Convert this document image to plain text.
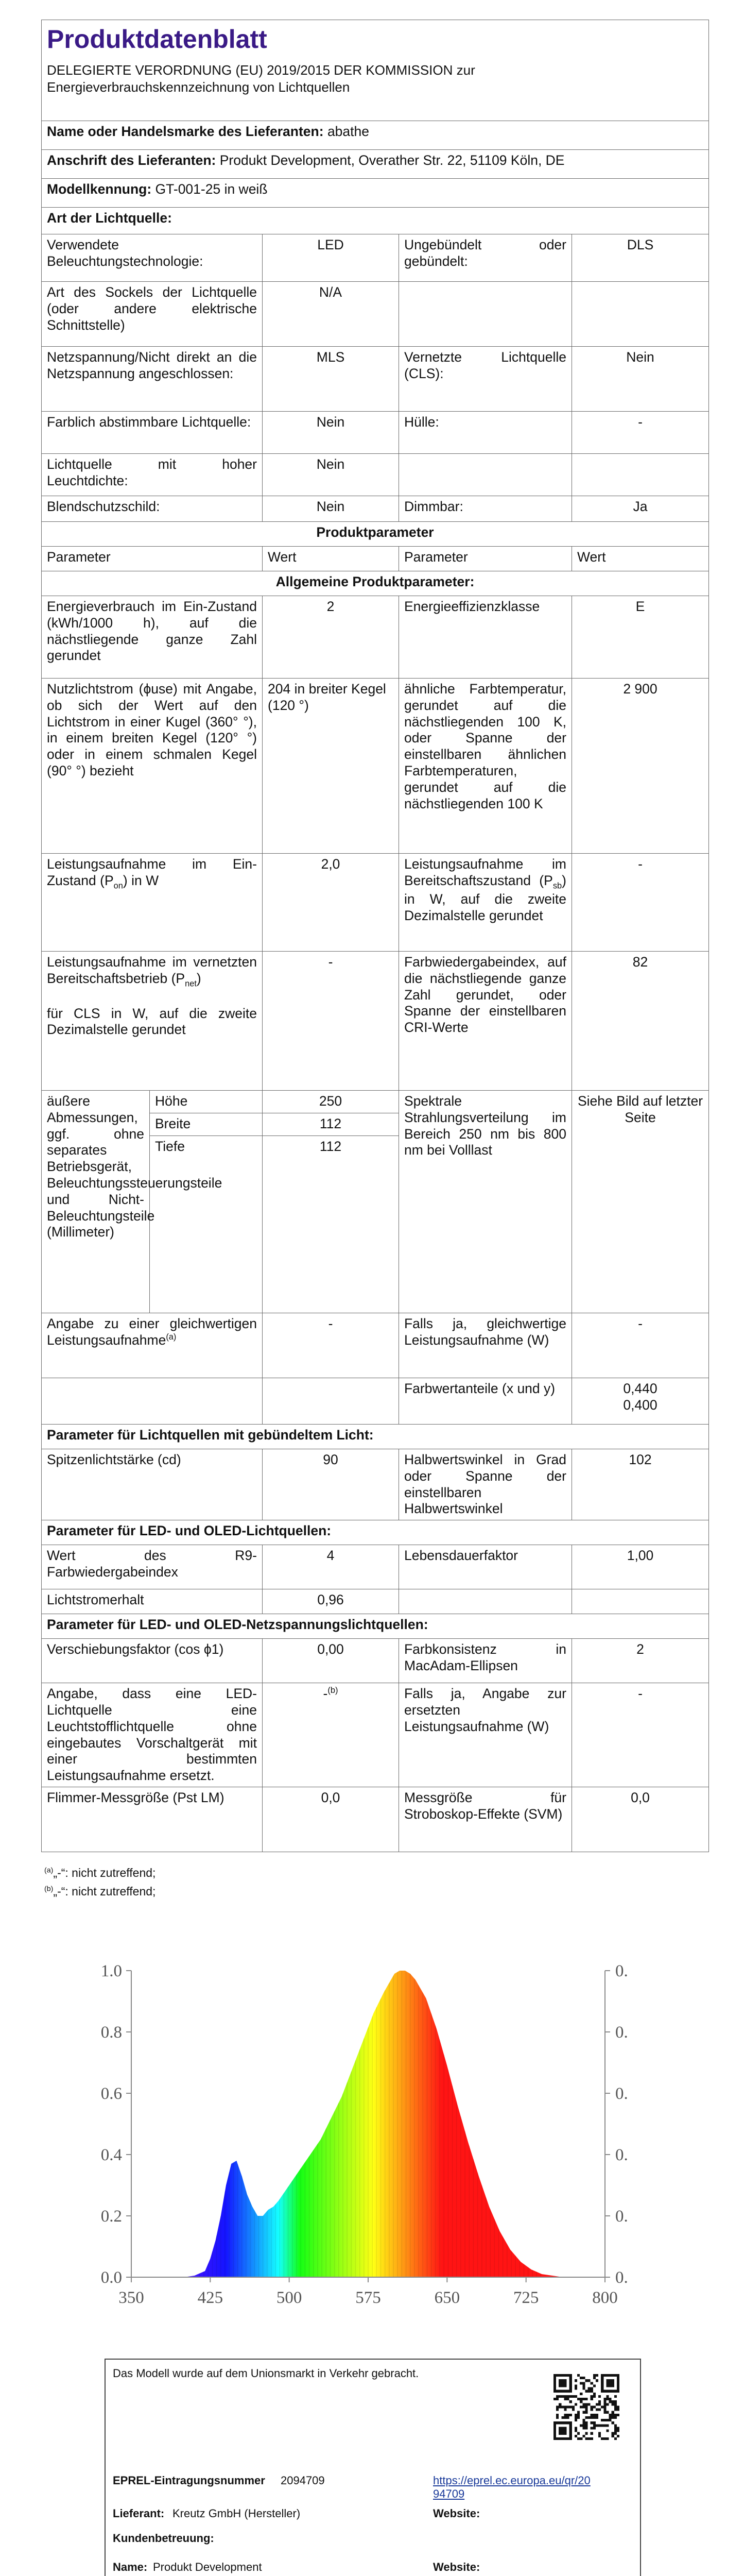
Produktdatenblatt
DELEGIERTE VERORDNUNG (EU) 2019/2015 DER KOMMISSION zur
Energieverbrauchskennzeichnung von Lichtquellen				

Name oder Handelsmarke des Lieferanten: abathe				
Anschrift des Lieferanten: Produkt Development, Overather Str. 22, 51109 Köln, DE				
Modellkennung: GT-001-25 in weiß				
Art der Lichtquelle:				
Verwendete Beleuchtungstechnologie:		LED	Ungebündelt oder gebündelt:	DLS
Art des Sockels der Lichtquelle (oder andere elektrische Schnittstelle)		N/A		
Netzspannung/Nicht direkt an die Netzspannung angeschlossen:		MLS	Vernetzte Lichtquelle (CLS):	Nein
Farblich abstimmbare Lichtquelle:		Nein	Hülle:	-
Lichtquelle mit hoher Leuchtdichte:		Nein		
Blendschutzschild:		Nein	Dimmbar:	Ja
Produktparameter				
Parameter		Wert	Parameter	Wert
Allgemeine Produktparameter:				
Energieverbrauch im Ein-Zustand (kWh/1000 h), auf die nächstliegende ganze Zahl gerundet		2	Energieeffizienzklasse	E
Nutzlichtstrom (ϕuse) mit Angabe, ob sich der Wert auf den Lichtstrom in einer Kugel (360° °), in einem breiten Kegel (120° °) oder in einem schmalen Kegel (90° °) bezieht		204 in breiter Kegel (120 °)	ähnliche Farbtemperatur, gerundet auf die nächstliegenden 100 K, oder Spanne der einstellbaren ähnlichen Farbtemperaturen, gerundet auf die nächstliegenden 100 K	2 900
Leistungsaufnahme im Ein-Zustand $(P_{on})$ in W		2,0	Leistungsaufnahme im Bereitschaftszustand $(P_{sb})$ in W, auf die zweite Dezimalstelle gerundet	-
Leistungsaufnahme im vernetzten Bereitschaftsbetrieb $(P_{net})$

für CLS in W, auf die zweite Dezimalstelle gerundet		-	Farbwiedergabeindex, auf die nächstliegende ganze Zahl gerundet, oder Spanne der einstellbaren CRI-Werte	82
äußere Abmessungen, ggf. ohne separates Betriebsgerät, Beleuchtungssteuerungsteile und Nicht-Beleuchtungsteile (Millimeter)	Höhe	250	Spektrale Strahlungsverteilung im Bereich 250 nm bis 800 nm bei Volllast	Siehe Bild auf letzter Seite
	Breite	112		
	Tiefe	112		

Angabe zu einer gleichwertigen Leistungsaufnahme$^{(a)}$		-	Falls ja, gleichwertige Leistungsaufnahme (W)	-
			Farbwertanteile (x und y)	0,440
0,400
Parameter für Lichtquellen mit gebündeltem Licht:				
Spitzenlichtstärke (cd)		90	Halbwertswinkel in Grad oder Spanne der einstellbaren Halbwertswinkel	102
Parameter für LED- und OLED-Lichtquellen:				
Wert des R9-Farbwiedergabeindex		4	Lebensdauerfaktor	1,00
Lichtstromerhalt		0,96		
Parameter für LED- und OLED-Netzspannungslichtquellen:				
Verschiebungsfaktor (cos ϕ1)		0,00	Farbkonsistenz in MacAdam-Ellipsen	2
Angabe, dass eine LED-Lichtquelle eine Leuchtstofflichtquelle ohne eingebautes Vorschaltgerät mit einer bestimmten Leistungsaufnahme ersetzt.		-$^{(b)}$	Falls ja, Angabe zur ersetzten Leistungsaufnahme (W)	-
Flimmer-Messgröße (Pst LM)		0,0	Messgröße für Stroboskop-Effekte (SVM)	0,0
$^{(a)}$„-“: nicht zutreffend;
$^{(b)}$„-“: nicht zutreffend;
350	425	500	575	650	725	800
0.0	0.
0.2	0.
0.4	0.
0.6	0.
0.8	0.
1.0	0.
Das Modell wurde auf dem Unionsmarkt in Verkehr gebracht.
EPREL-Eintragungsnummer 2094709	https://eprel.ec.europa.eu/qr/20
94709
Lieferant: Kreutz GmbH (Hersteller)	Website:
Kundenbetreuung:
Name: Produkt Development	Website:
